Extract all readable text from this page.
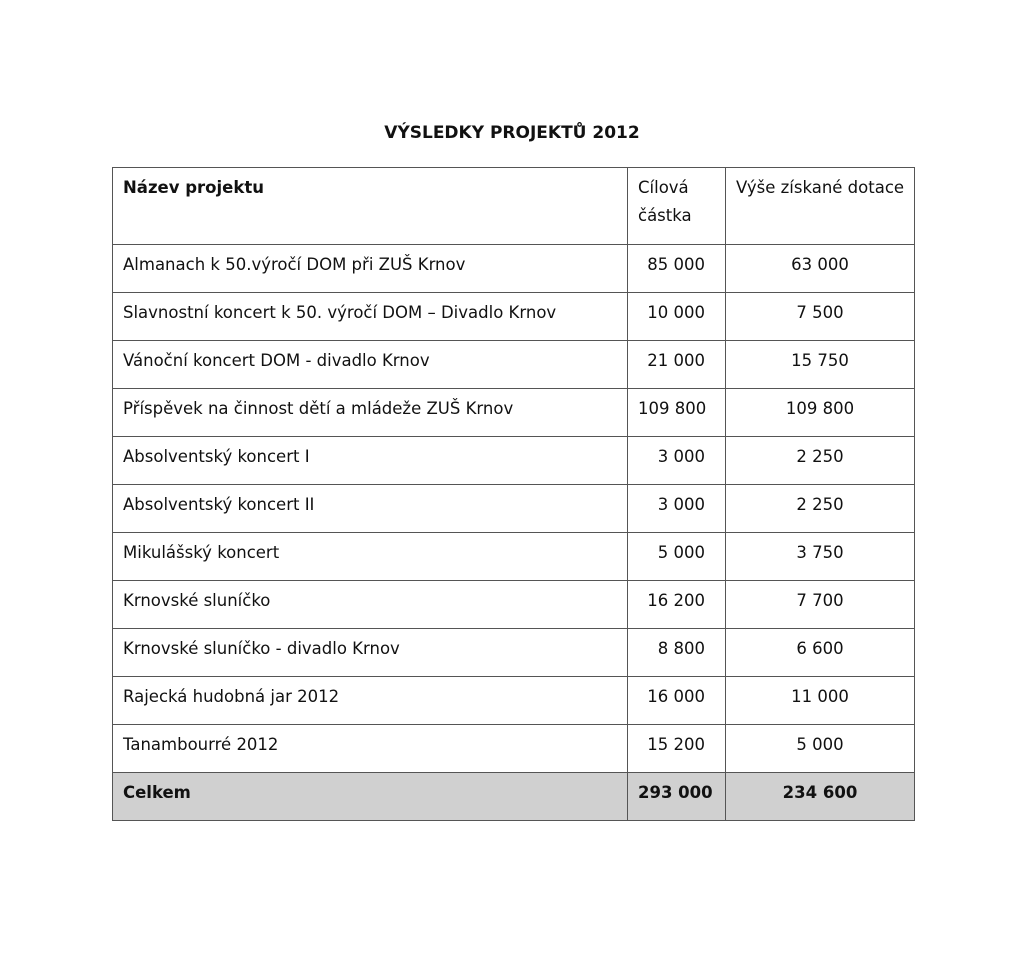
VÝSLEDKY PROJEKTŮ 2012
Název projektu	Cílová částka	Výše získané dotace
Almanach k 50.výročí DOM při ZUŠ Krnov	85 000	63 000
Slavnostní koncert k 50. výročí DOM – Divadlo Krnov	10 000	7 500
Vánoční koncert DOM - divadlo Krnov	21 000	15 750
Příspěvek na činnost dětí a mládeže ZUŠ Krnov	109 800	109 800
Absolventský koncert I	3 000	2 250
Absolventský koncert II	3 000	2 250
Mikulášský koncert	5 000	3 750
Krnovské sluníčko	16 200	7 700
Krnovské sluníčko - divadlo Krnov	8 800	6 600
Rajecká hudobná jar 2012	16 000	11 000
Tanambourré 2012	15 200	5 000
Celkem	293 000	234 600
